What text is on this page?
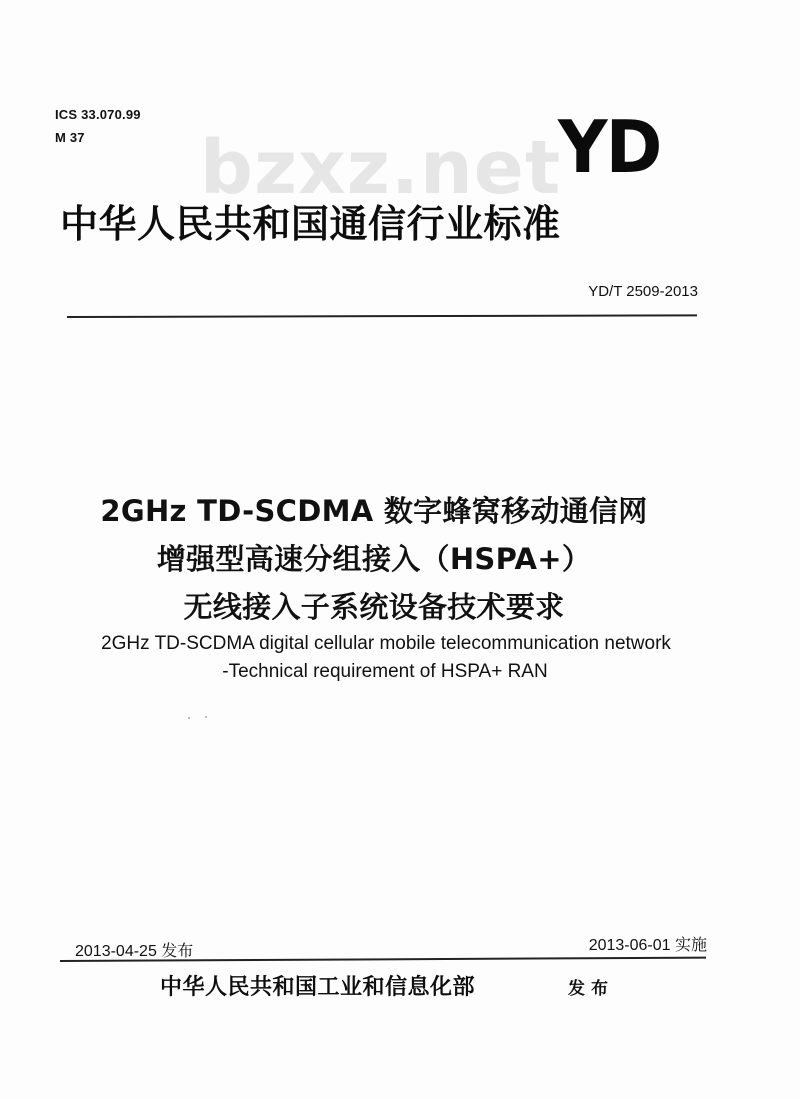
ICS 33.070.99
M 37 bzxz.net
YD
中华人民共和国通信行业标准
YD/T 2509-2013
2GHz TD-SCDMA 数字蜂窝移动通信网
增强型高速分组接入（HSPA+）
无线接入子系统设备技术要求
2GHz TD-SCDMA digital cellular mobile telecommunication network
-Technical requirement of HSPA+ RAN
2013-04-25 发布	2013-06-01 实施
中华人民共和国工业和信息化部	发布
